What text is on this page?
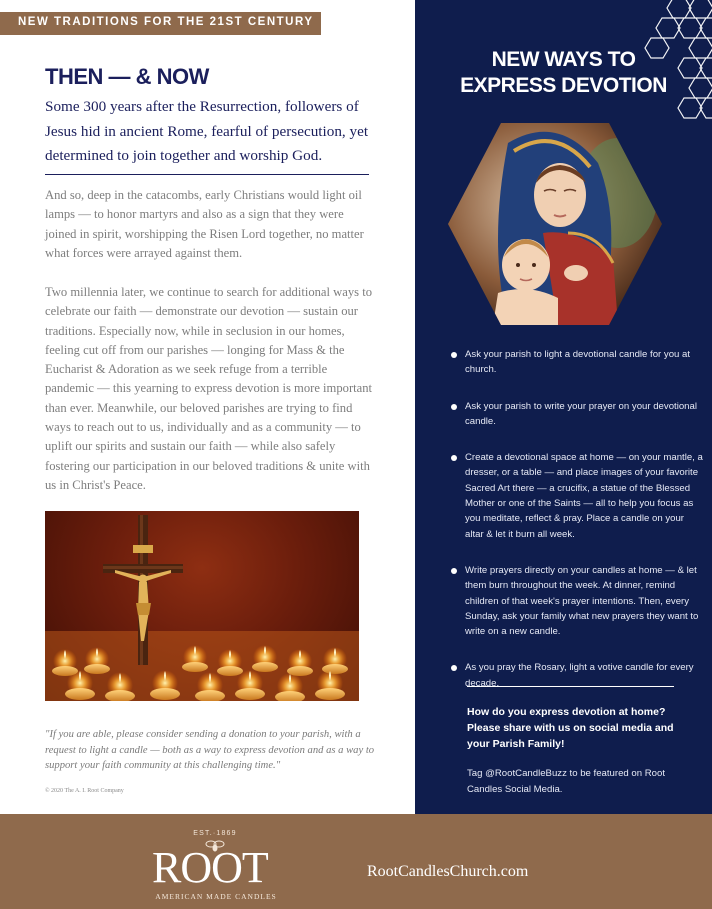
NEW TRADITIONS FOR THE 21ST CENTURY
THEN — & NOW

Some 300 years after the Resurrection, followers of Jesus hid in ancient Rome, fearful of persecution, yet determined to join together and worship God.

And so, deep in the catacombs, early Christians would light oil lamps — to honor martyrs and also as a sign that they were joined in spirit, worshipping the Risen Lord together, no matter what forces were arrayed against them.

Two millennia later, we continue to search for additional ways to celebrate our faith — demonstrate our devotion — sustain our traditions. Especially now, while in seclusion in our homes, feeling cut off from our parishes — longing for Mass & the Eucharist & Adoration as we seek refuge from a terrible pandemic — this yearning to express devotion is more important than ever. Meanwhile, our beloved parishes are trying to find ways to reach out to us, individually and as a community — to uplift our spirits and sustain our faith — while also safely fostering our participation in our beloved traditions & unite with us in Christ's Peace.

"If you are able, please consider sending a donation to your parish, with a request to light a candle — both as a way to express devotion and as a way to support your faith community at this challenging time."

© 2020 The A. I. Root Company

NEW WAYS TO
EXPRESS DEVOTION
Ask your parish to light a devotional candle for you at church.
Ask your parish to write your prayer on your devotional candle.
Create a devotional space at home — on your mantle, a dresser, or a table — and place images of your favorite Sacred Art there — a crucifix, a statue of the Blessed Mother or one of the Saints — all to help you focus as you meditate, reflect & pray. Place a candle on your altar & let it burn all week.
Write prayers directly on your candles at home — & let them burn throughout the week. At dinner, remind children of that week's prayer intentions. Then, every Sunday, ask your family what new prayers they want to write on a new candle.
As you pray the Rosary, light a votive candle for every decade.

How do you express devotion at home? Please share with us on social media and your Parish Family!

Tag @RootCandleBuzz to be featured on Root Candles Social Media.

EST.·1869

ROOT

AMERICAN MADE CANDLES

RootCandlesChurch.com
